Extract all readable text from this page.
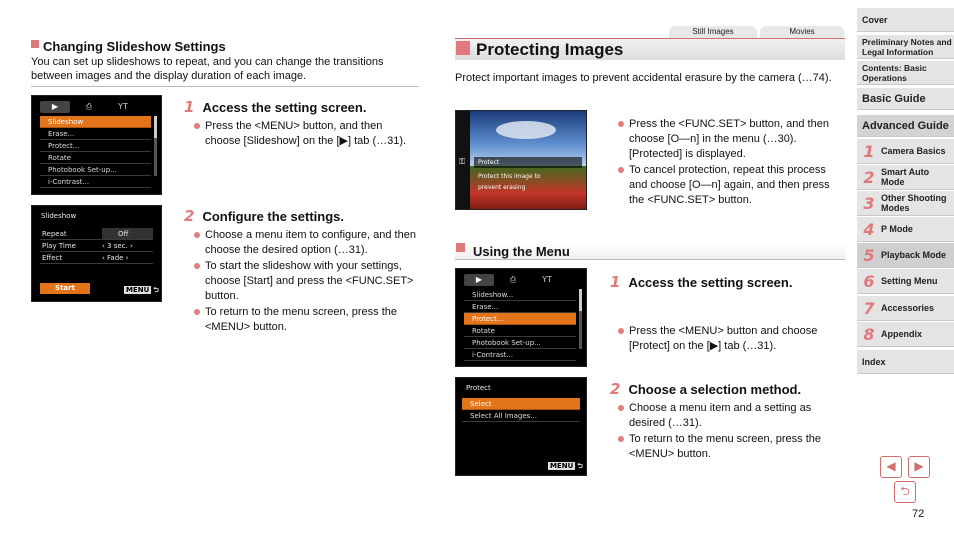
Changing Slideshow Settings
You can set up slideshows to repeat, and you can change the transitions between images and the display duration of each image.
▶	⎙	YT
Slideshow
Erase...
Protect...
Rotate
Photobook Set-up...
i-Contrast...
1 Access the setting screen.
Press the <MENU> button, and then choose [Slideshow] on the [▶] tab (…31).
Slideshow
Repeat	Off
Play Time	‹ 3 sec. ›
Effect	‹ Fade ›
Start	MENU ⮌
2 Configure the settings.
Choose a menu item to configure, and then choose the desired option (…31).
To start the slideshow with your settings, choose [Start] and press the <FUNC.SET> button.
To return to the menu screen, press the <MENU> button.
Still Images	Movies
Protecting Images
Protect important images to prevent accidental erasure by the camera (…74).
Protect
Protect this image to prevent erasing
⚿
Press the <FUNC.SET> button, and then choose [O—n] in the menu (…30). [Protected] is displayed.
To cancel protection, repeat this process and choose [O—n] again, and then press the <FUNC.SET> button.
Using the Menu
▶	⎙	YT
Slideshow...
Erase...
Protect...
Rotate
Photobook Set-up...
i-Contrast...
1 Access the setting screen.
Press the <MENU> button and choose [Protect] on the [▶] tab (…31).
Protect
Select
Select All Images...
MENU ⮌
2 Choose a selection method.
Choose a menu item and a setting as desired (…31).
To return to the menu screen, press the <MENU> button.
Cover
Preliminary Notes and Legal Information
Contents: Basic Operations
Basic Guide
Advanced Guide
1 Camera Basics
2 Smart Auto Mode
3 Other Shooting Modes
4 P Mode
5 Playback Mode
6 Setting Menu
7 Accessories
8 Appendix
Index
◀	▶
⮌
72
